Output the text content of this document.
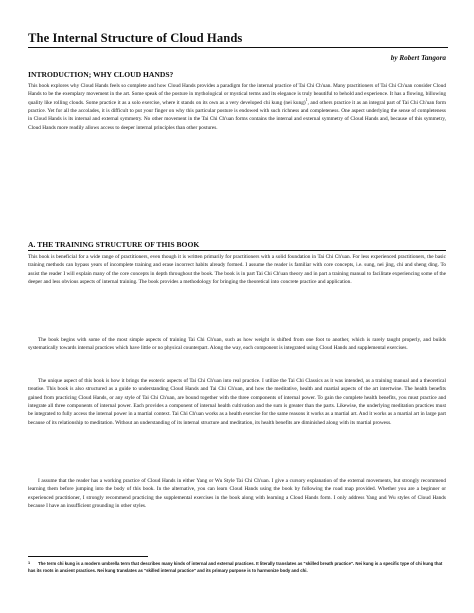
The Internal Structure of Cloud Hands
by Robert Tangora
INTRODUCTION; WHY CLOUD HANDS?

This book explores why Cloud Hands feels so complete and how Cloud Hands provides a paradigm for the internal practice of Tai Chi Ch'uan. Many practitioners of Tai Chi Ch'uan consider Cloud Hands to be the exemplary movement in the art. Some speak of the posture in mythological or mystical terms and its elegance is truly beautiful to behold and experience. It has a flowing, billowing quality like rolling clouds. Some practice it as a solo exercise, where it stands on its own as a very developed chi kung (nei kung)$^1$, and others practice it as an integral part of Tai Chi Ch'uan form practice. Yet for all the accolades, it is difficult to put your finger on why this particular posture is endowed with such richness and completeness. One aspect underlying the sense of completeness in Cloud Hands is its internal and external symmetry. No other movement in the Tai Chi Ch'uan forms contains the internal and external symmetry of Cloud Hands and, because of this symmetry, Cloud Hands more readily allows access to deeper internal principles than other postures.

A. THE TRAINING STRUCTURE OF THIS BOOK

This book is beneficial for a wide range of practitioners, even though it is written primarily for practitioners with a solid foundation in Tai Chi Ch'uan. For less experienced practitioners, the basic training methods can bypass years of incomplete training and erase incorrect habits already formed. I assume the reader is familiar with core concepts, i.e. sung, nei jing, chi and sheng ding. To assist the reader I will explain many of the core concepts in depth throughout the book. The book is in part Tai Chi Ch'uan theory and in part a training manual to facilitate experiencing some of the deeper and less obvious aspects of internal training. The book provides a methodology for bringing the theoretical into concrete practice and application.

The book begins with some of the most simple aspects of training Tai Chi Ch'uan, such as how weight is shifted from one foot to another, which is rarely taught properly, and builds systematically towards internal practices which have little or no physical counterpart. Along the way, each component is integrated using Cloud Hands and supplemental exercises.

The unique aspect of this book is how it brings the esoteric aspects of Tai Chi Ch'uan into real practice. I utilize the Tai Chi Classics as it was intended, as a training manual and a theoretical treatise. This book is also structured as a guide to understanding Cloud Hands and Tai Chi Ch'uan, and how the meditative, health and martial aspects of the art intertwine. The health benefits gained from practicing Cloud Hands, or any style of Tai Chi Ch'uan, are bound together with the three components of internal power. To gain the complete health benefits, you must practice and integrate all three components of internal power. Each provides a component of internal health cultivation and the sum is greater than the parts. Likewise, the underlying meditation practices must be integrated to fully access the internal power in a martial context. Tai Chi Ch'uan works as a health exercise for the same reasons it works as a martial art. And it works as a martial art in large part because of its relationship to meditation. Without an understanding of its internal structure and meditation, its health benefits are diminished along with its martial prowess.

I assume that the reader has a working practice of Cloud Hands in either Yang or Wu Style Tai Chi Ch'uan. I give a cursory explanation of the external movements, but strongly recommend learning them before jumping into the body of this book. In the alternative, you can learn Cloud Hands using the book by following the road map provided. Whether you are a beginner or experienced practitioner, I strongly recommend practicing the supplemental exercises in the book along with learning a Cloud Hands form. I only address Yang and Wu styles of Cloud Hands because I have an insufficient grounding in other styles.

1 The term chi kung is a modern umbrella term that describes many kinds of internal and external practices. It literally translates as "skilled breath practice". Nei kung is a specific type of chi kung that has its roots in ancient practices. Nei kung translates as "skilled internal practice" and its primary purpose is to harmonize body and chi.
